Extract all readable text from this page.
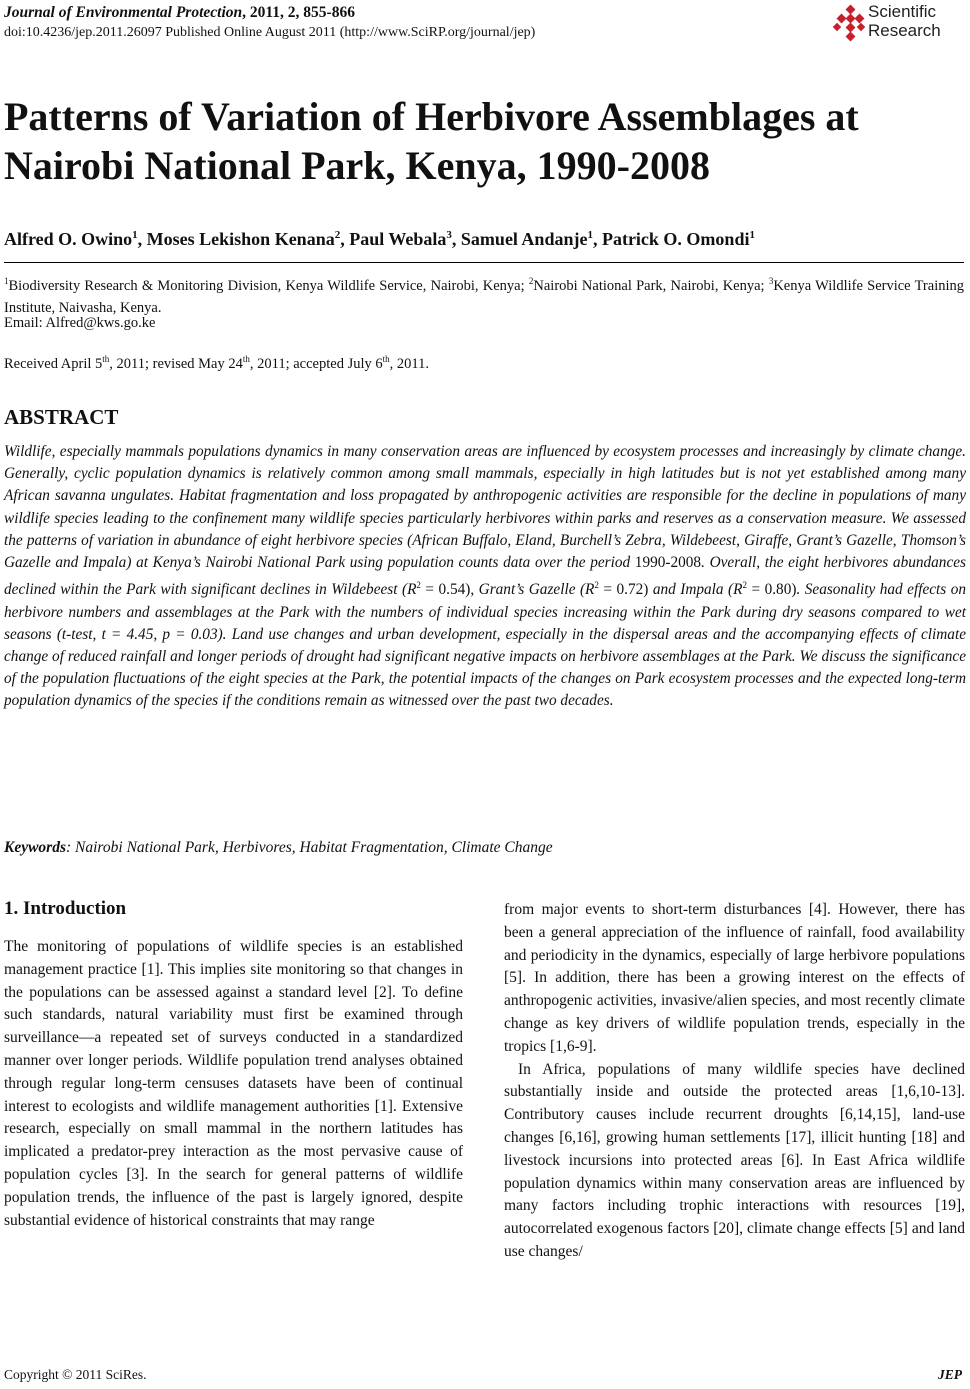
Journal of Environmental Protection, 2011, 2, 855-866
doi:10.4236/jep.2011.26097 Published Online August 2011 (http://www.SciRP.org/journal/jep)
Scientific
Research
Patterns of Variation of Herbivore Assemblages at Nairobi National Park, Kenya, 1990-2008
Alfred O. Owino$^1$, Moses Lekishon Kenana$^2$, Paul Webala$^3$, Samuel Andanje$^1$, Patrick O. Omondi$^1$
$^1$Biodiversity Research & Monitoring Division, Kenya Wildlife Service, Nairobi, Kenya; $^2$Nairobi National Park, Nairobi, Kenya; $^3$Kenya Wildlife Service Training Institute, Naivasha, Kenya.
Email: Alfred@kws.go.ke
Received April 5th, 2011; revised May 24th, 2011; accepted July 6th, 2011.
ABSTRACT
Wildlife, especially mammals populations dynamics in many conservation areas are influenced by ecosystem processes and increasingly by climate change. Generally, cyclic population dynamics is relatively common among small mammals, especially in high latitudes but is not yet established among many African savanna ungulates. Habitat fragmentation and loss propagated by anthropogenic activities are responsible for the decline in populations of many wildlife species leading to the confinement many wildlife species particularly herbivores within parks and reserves as a conservation measure. We assessed the patterns of variation in abundance of eight herbivore species (African Buffalo, Eland, Burchell’s Zebra, Wildebeest, Giraffe, Grant’s Gazelle, Thomson’s Gazelle and Impala) at Kenya’s Nairobi National Park using population counts data over the period 1990-2008. Overall, the eight herbivores abundances declined within the Park with significant declines in Wildebeest $(R^2 = 0.54)$, Grant’s Gazelle $(R^2 = 0.72)$ and Impala $(R^2 = 0.80)$. Seasonality had effects on herbivore numbers and assemblages at the Park with the numbers of individual species increasing within the Park during dry seasons compared to wet seasons (t-test, t = 4.45, p = 0.03). Land use changes and urban development, especially in the dispersal areas and the accompanying effects of climate change of reduced rainfall and longer periods of drought had significant negative impacts on herbivore assemblages at the Park. We discuss the significance of the population fluctuations of the eight species at the Park, the potential impacts of the changes on Park ecosystem processes and the expected long-term population dynamics of the species if the conditions remain as witnessed over the past two decades.
Keywords: Nairobi National Park, Herbivores, Habitat Fragmentation, Climate Change
1. Introduction

The monitoring of populations of wildlife species is an established management practice [1]. This implies site monitoring so that changes in the populations can be assessed against a standard level [2]. To define such standards, natural variability must first be examined through surveillance—a repeated set of surveys conducted in a standardized manner over longer periods. Wildlife population trend analyses obtained through regular long-term censuses datasets have been of continual interest to ecologists and wildlife management authorities [1]. Extensive research, especially on small mammal in the northern latitudes has implicated a predator-prey interaction as the most pervasive cause of population cycles [3]. In the search for general patterns of wildlife population trends, the influence of the past is largely ignored, despite substantial evidence of historical constraints that may range

from major events to short-term disturbances [4]. However, there has been a general appreciation of the influence of rainfall, food availability and periodicity in the dynamics, especially of large herbivore populations [5]. In addition, there has been a growing interest on the effects of anthropogenic activities, invasive/alien species, and most recently climate change as key drivers of wildlife population trends, especially in the tropics [1,6-9].

In Africa, populations of many wildlife species have declined substantially inside and outside the protected areas [1,6,10-13]. Contributory causes include recurrent droughts [6,14,15], land-use changes [6,16], growing human settlements [17], illicit hunting [18] and livestock incursions into protected areas [6]. In East Africa wildlife population dynamics within many conservation areas are influenced by many factors including trophic interactions with resources [19], autocorrelated exogenous factors [20], climate change effects [5] and land use changes/

Copyright © 2011 SciRes.	JEP
